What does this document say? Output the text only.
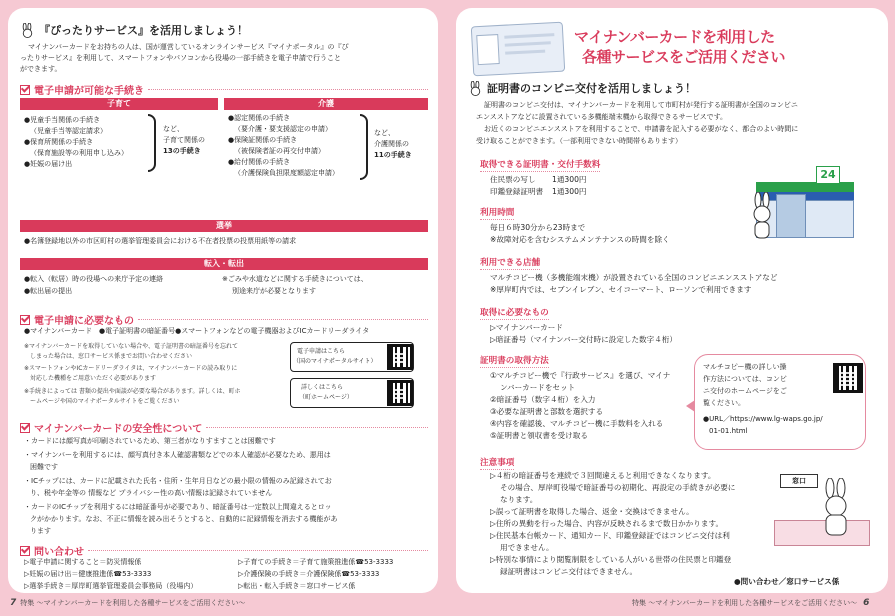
『ぴったりサービス』を活用しましょう！
マイナンバーカードをお持ちの人は、国が運営しているオンラインサービス『マイナポータル』の『ぴ
ったりサービス』を利用して、スマートフォンやパソコンから役場の一部手続きを電子申請で行うこと
ができます。
電子申請が可能な手続き
子育て	介護
●児童手当関係の手続き
（児童手当等認定請求）
●保育所関係の手続き
（保育施設等の利用申し込み）
●妊娠の届け出
など、
子育て関係の
13の手続き
●認定関係の手続き
（要介護・要支援認定の申請）
●保険証関係の手続き
（被保険者証の再交付申請）
●給付関係の手続き
（介護保険負担限度額認定申請）
など、
介護関係の
11の手続き
選挙
●名簿登録地以外の市区町村の選挙管理委員会における不在者投票の投票用紙等の請求
転入・転出
●転入（転居）時の役場への来庁予定の連絡
●転出届の提出
※ごみや水道などに関する手続きについては、
別途来庁が必要となります
電子申請に必要なもの
●マイナンバーカード　●電子証明書の暗証番号●スマートフォンなどの電子機器およびICカードリーダライタ
※マイナンバーカードを取得していない場合や、電子証明書の暗証番号を忘れて
しまった場合は、窓口サービス係までお問い合わせください
※スマートフォンやICカードリーダライタは、マイナンバーカードの読み取りに
対応した機種をご用意いただく必要があります
※手続きによっては 書類の提出や面談が必要な場合があります。詳しくは、町ホ
ームページや国のマイナポータルサイトをご覧ください
電子申請はこちら
（国のマイナポータルサイト）
詳しくはこちら
（町ホームページ）
マイナンバーカードの安全性について
・カードには顔写真が印刷されているため、第三者がなりすますことは困難です
・マイナンバーを利用するには、顔写真付き本人確認書類などでの本人確認が必要なため、悪用は
困難です
・ICチップには、カードに記載された氏名・住所・生年月日などの最小限の情報のみ記録されてお
り、税や年金等の 情報など プライバシー性の高い情報は記録されていません
・カードのICチップを利用するには暗証番号が必要であり、暗証番号は一定数以上間違えるとロッ
クがかかります。なお、不正に情報を読み出そうとすると、自動的に記録情報を消去する機能があ
ります
問い合わせ
▷電子申請に関すること＝防災情報係
▷妊娠の届け出＝健康推進係☎53-3333
▷選挙手続き＝厚岸町選挙管理委員会事務局（役場内）
▷子育ての手続き＝子育て施策推進係☎53-3333
▷介護保険の手続き＝介護保険係☎53-3333
▷転出・転入手続き＝窓口サービス係
マイナンバーカードを利用した
各種サービスをご活用ください
証明書のコンビニ交付を活用しましょう！
証明書のコンビニ交付は、マイナンバーカードを利用して市町村が発行する証明書が全国のコンビニ
エンスストアなどに設置されている多機能端末機から取得できるサービスです。
お近くのコンビニエンスストアを利用することで、申請書を記入する必要がなく、都合のよい時間に
受け取ることができます。（一部利用できない時間帯もあります）
取得できる証明書・交付手数料
住民票の写し 1通300円
印鑑登録証明書 1通300円
24
利用時間
毎日６時30分から23時まで
※故障対応を含むシステムメンテナンスの時間を除く
利用できる店舗
マルチコピー機（多機能端末機）が設置されている全国のコンビニエンスストアなど
※厚岸町内では、セブンイレブン、セイコーマート、ローソンで利用できます
取得に必要なもの
▷マイナンバーカード
▷暗証番号（マイナンバー交付時に設定した数字４桁）
証明書の取得方法
①マルチコピー機で『行政サービス』を選び、マイナ
ンバーカードをセット
②暗証番号（数字４桁）を入力
③必要な証明書と部数を選択する
④内容を確認後、マルチコピー機に手数料を入れる
⑤証明書と領収書を受け取る
マルチコピー機の詳しい操
作方法については、コンビ
ニ交付のホームページをご
覧ください。
●URL／https://www.lg-waps.go.jp/
01-01.html
注意事項
▷４桁の暗証番号を連続で３回間違えると利用できなくなります。
その場合、厚岸町役場で暗証番号の初期化、再設定の手続きが必要に
なります。
▷誤って証明書を取得した場合、返金・交換はできません。
▷住所の異動を行った場合、内容が反映されるまで数日かかります。
▷住民基本台帳カード、通知カード、印鑑登録証ではコンビニ交付は利
用できません。
▷特別な事情により閲覧制限をしている人がいる世帯の住民票と印鑑登
録証明書はコンビニ交付はできません。
窓口
●問い合わせ／窓口サービス係
7 特集 ～マイナンバーカードを利用した各種サービスをご活用ください～	特集 ～マイナンバーカードを利用した各種サービスをご活用ください～ 6
